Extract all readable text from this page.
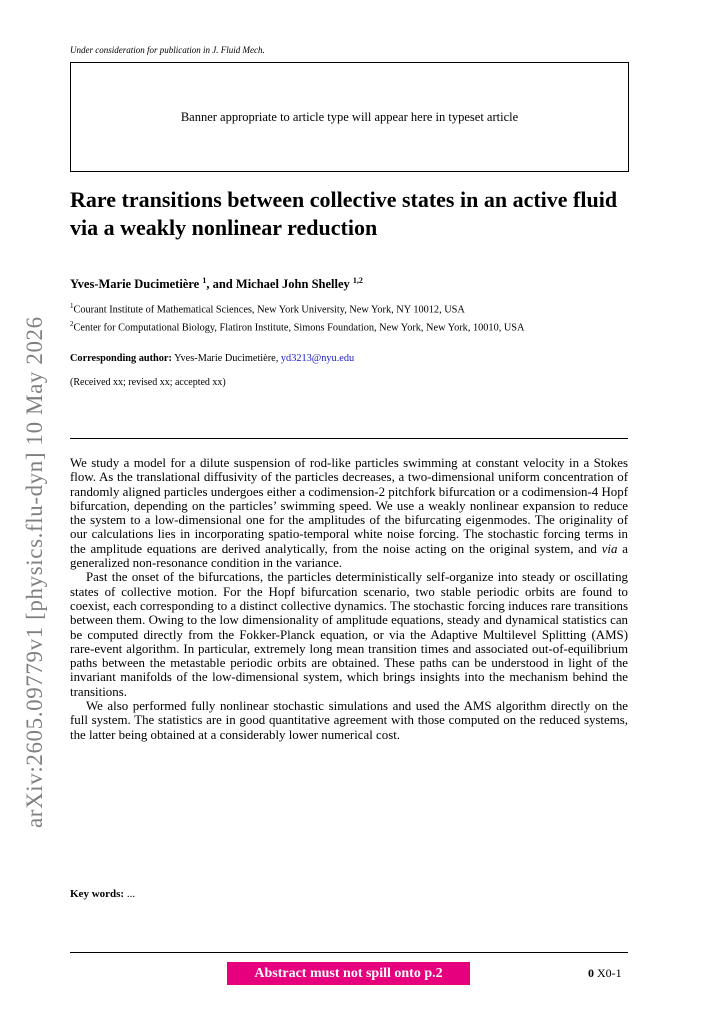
arXiv:2605.09779v1 [physics.flu-dyn] 10 May 2026
Under consideration for publication in J. Fluid Mech.
Banner appropriate to article type will appear here in typeset article
Rare transitions between collective states in an active fluid via a weakly nonlinear reduction
Yves-Marie Ducimetière $^1$, and Michael John Shelley $^{1,2}$
$^1$Courant Institute of Mathematical Sciences, New York University, New York, NY 10012, USA
$^2$Center for Computational Biology, Flatiron Institute, Simons Foundation, New York, New York, 10010, USA
Corresponding author: Yves-Marie Ducimetière, yd3213@nyu.edu
(Received xx; revised xx; accepted xx)

We study a model for a dilute suspension of rod-like particles swimming at constant velocity in a Stokes flow. As the translational diffusivity of the particles decreases, a two-dimensional uniform concentration of randomly aligned particles undergoes either a codimension-2 pitchfork bifurcation or a codimension-4 Hopf bifurcation, depending on the particles’ swimming speed. We use a weakly nonlinear expansion to reduce the system to a low-dimensional one for the amplitudes of the bifurcating eigenmodes. The originality of our calculations lies in incorporating spatio-temporal white noise forcing. The stochastic forcing terms in the amplitude equations are derived analytically, from the noise acting on the original system, and via a generalized non-resonance condition in the variance.

Past the onset of the bifurcations, the particles deterministically self-organize into steady or oscillating states of collective motion. For the Hopf bifurcation scenario, two stable periodic orbits are found to coexist, each corresponding to a distinct collective dynamics. The stochastic forcing induces rare transitions between them. Owing to the low dimensionality of amplitude equations, steady and dynamical statistics can be computed directly from the Fokker-Planck equation, or via the Adaptive Multilevel Splitting (AMS) rare-event algorithm. In particular, extremely long mean transition times and associated out-of-equilibrium paths between the metastable periodic orbits are obtained. These paths can be understood in light of the invariant manifolds of the low-dimensional system, which brings insights into the mechanism behind the transitions.

We also performed fully nonlinear stochastic simulations and used the AMS algorithm directly on the full system. The statistics are in good quantitative agreement with those computed on the reduced systems, the latter being obtained at a considerably lower numerical cost.

Key words: ...
Abstract must not spill onto p.2	0 X0-1
